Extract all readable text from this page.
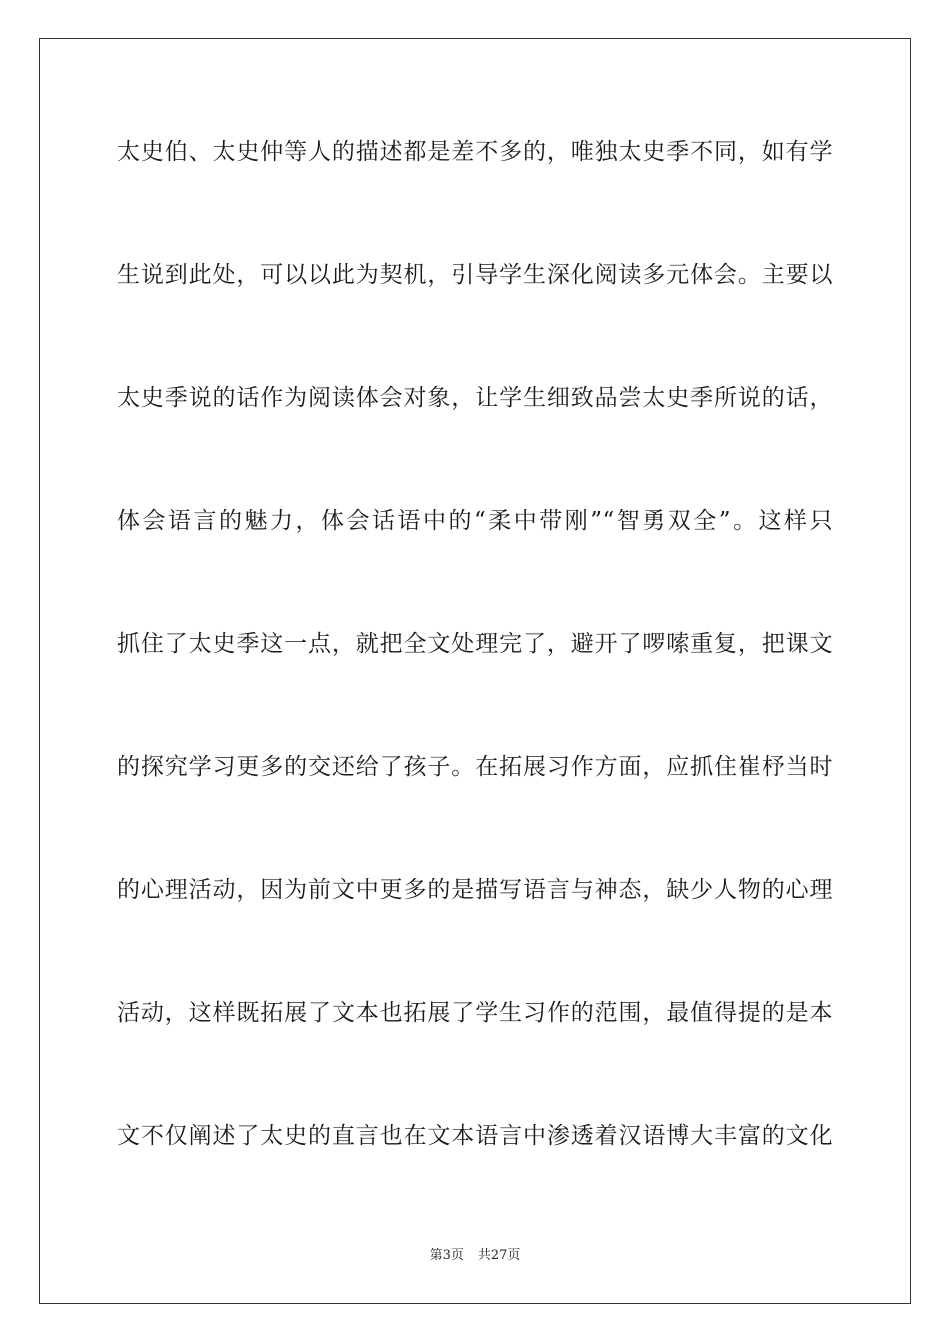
太史伯、太史仲等人的描述都是差不多的，唯独太史季不同，如有学
生说到此处，可以以此为契机，引导学生深化阅读多元体会。主要以
太史季说的话作为阅读体会对象，让学生细致品尝太史季所说的话，
体会语言的魅力，体会话语中的“柔中带刚”“智勇双全”。这样只
抓住了太史季这一点，就把全文处理完了，避开了啰嗦重复，把课文
的探究学习更多的交还给了孩子。在拓展习作方面，应抓住崔杼当时
的心理活动，因为前文中更多的是描写语言与神态，缺少人物的心理
活动，这样既拓展了文本也拓展了学生习作的范围，最值得提的是本
文不仅阐述了太史的直言也在文本语言中渗透着汉语博大丰富的文化
第3页 共27页
